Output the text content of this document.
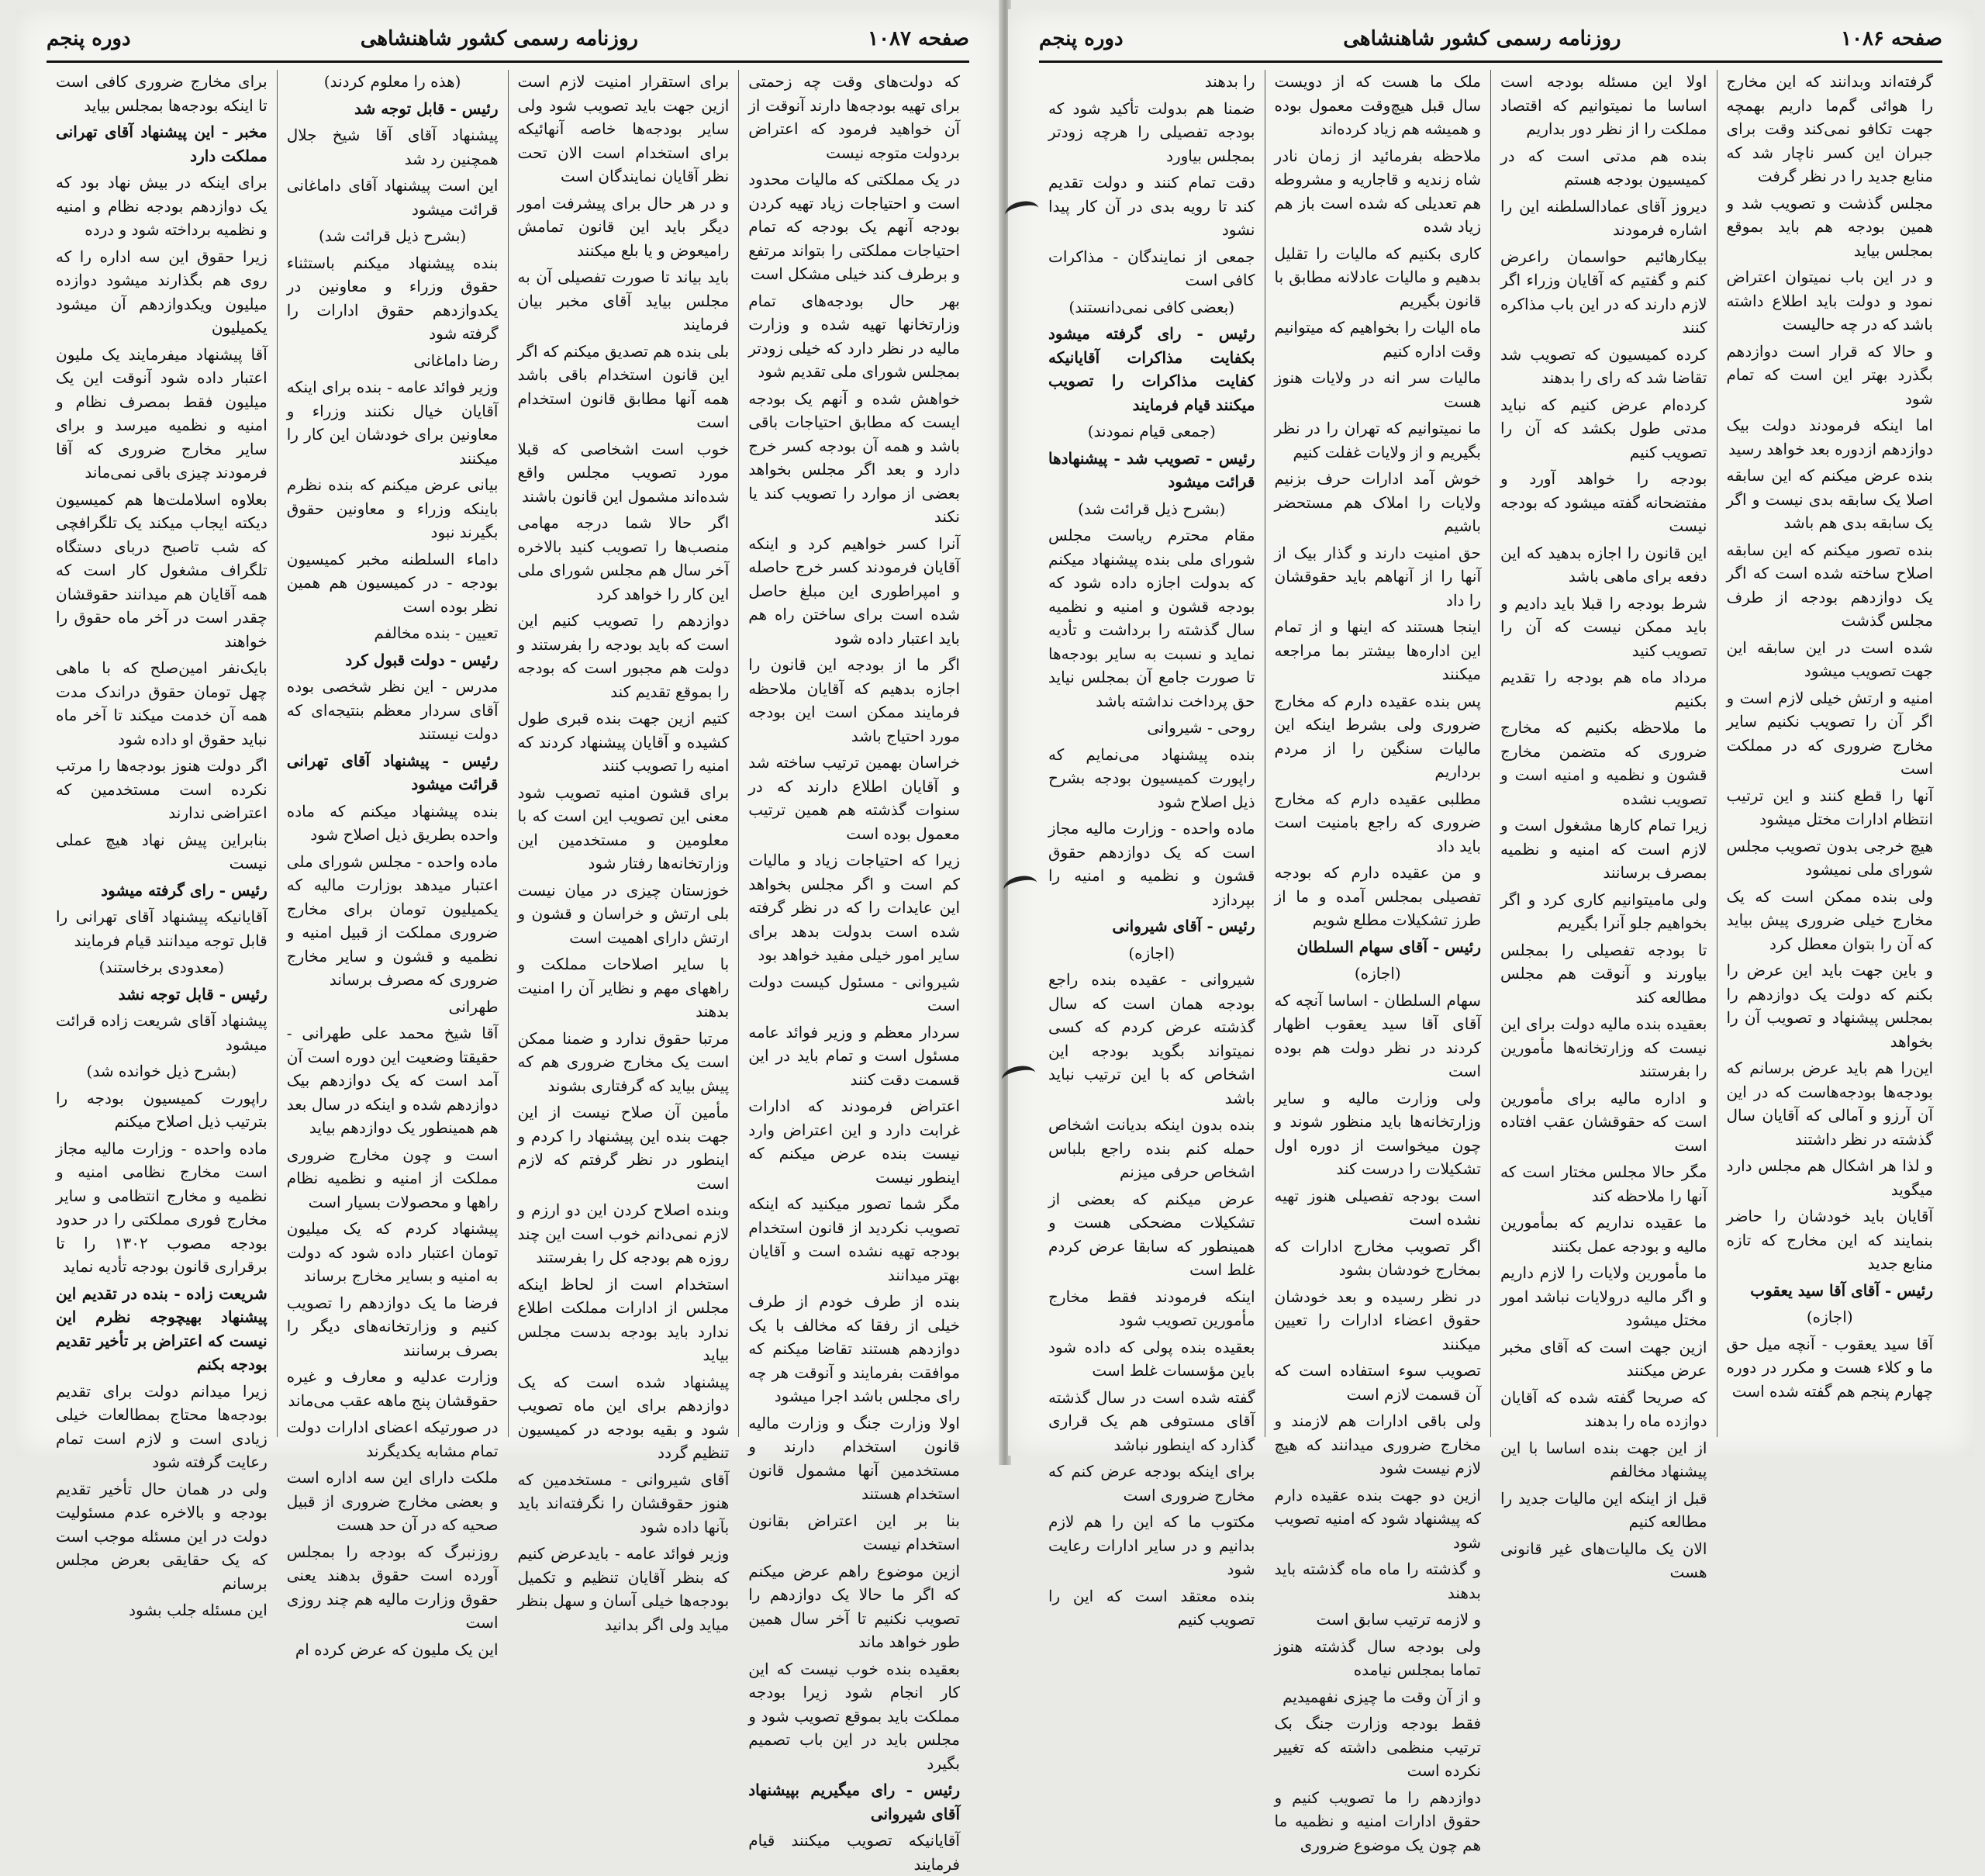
صفحه ۱۰۸۷
روزنامه رسمی کشور شاهنشاهی
دوره پنجم

که دولت‌های وقت چه زحمتی برای تهیه بودجه‌ها دارند آنوقت از آن خواهید فرمود که اعتراض بردولت متوجه نیست

در یک مملکتی که مالیات محدود است و احتیاجات زیاد تهیه کردن بودجه آنهم یک بودجه که تمام احتیاجات مملکتی را بتواند مرتفع و برطرف کند خیلی مشکل است

بهر حال بودجه‌های تمام وزارتخانها تهیه شده و وزارت مالیه در نظر دارد که خیلی زودتر بمجلس شورای ملی تقدیم شود

خواهش شده و آنهم یک بودجه ایست که مطابق احتیاجات باقی باشد و همه آن بودجه کسر خرج دارد و بعد اگر مجلس بخواهد بعضی از موارد را تصویب کند یا نکند

آنرا کسر خواهیم کرد و اینکه آقایان فرمودند کسر خرج حاصله و امپراطوری این مبلغ حاصل شده است برای ساختن راه هم باید اعتبار داده شود

اگر ما از بودجه این قانون را اجازه بدهیم که آقایان ملاحظه فرمایند ممکن است این بودجه مورد احتیاج باشد

خراسان بهمین ترتیب ساخته شد و آقایان اطلاع دارند که در سنوات گذشته هم همین ترتیب معمول بوده است

زیرا که احتیاجات زیاد و مالیات کم است و اگر مجلس بخواهد این عایدات را که در نظر گرفته شده است بدولت بدهد برای سایر امور خیلی مفید خواهد بود

شیروانی - مسئول کیست دولت است

سردار معظم و وزیر فوائد عامه مسئول است و تمام باید در این قسمت دقت کنند

اعتراض فرمودند که ادارات غرابت دارد و این اعتراض وارد نیست بنده عرض میکنم که اینطور نیست

مگر شما تصور میکنید که اینکه تصویب نکردید از قانون استخدام بودجه تهیه نشده است و آقایان بهتر میدانند

بنده از طرف خودم از طرف خیلی از رفقا که مخالف با یک دوازدهم هستند تقاضا میکنم که موافقت بفرمایند و آنوقت هر چه رای مجلس باشد اجرا میشود

اولا وزارت جنگ و وزارت مالیه قانون استخدام دارند و مستخدمین آنها مشمول قانون استخدام هستند

بنا بر این اعتراض بقانون استخدام نیست

ازین موضوع راهم عرض میکنم که اگر ما حالا یک دوازدهم را تصویب نکنیم تا آخر سال همین طور خواهد ماند

بعقیده بنده خوب نیست که این کار انجام شود زیرا بودجه مملکت باید بموقع تصویب شود و مجلس باید در این باب تصمیم بگیرد

رئیس - رای میگیریم بپیشنهاد آقای شیروانی

آقایانیکه تصویب میکنند قیام فرمایند

برای استقرار امنیت لازم است ازین جهت باید تصویب شود ولی سایر بودجه‌ها خاصه آنهائیکه برای استخدام است الان تحت نظر آقایان نمایندگان است

و در هر حال برای پیشرفت امور دیگر باید این قانون تمامش رامیعوض و یا بلع میکنند

باید بیاند تا صورت تفصیلی آن به مجلس بیاید آقای مخبر بیان فرمایند

بلی بنده هم تصدیق میکنم که اگر این قانون استخدام باقی باشد همه آنها مطابق قانون استخدام است

خوب است اشخاصی که قبلا مورد تصویب مجلس واقع شده‌اند مشمول این قانون باشند

اگر حالا شما درجه مهامی منصب‌ها را تصویب کنید بالاخره آخر سال هم مجلس شورای ملی این کار را خواهد کرد

دوازدهم را تصویب کنیم این است که باید بودجه را بفرستند و دولت هم مجبور است که بودجه را بموقع تقدیم کند

کتیم ازین جهت بنده قبری طول کشیده و آقایان پیشنهاد کردند که امنیه را تصویب کنند

برای قشون امنیه تصویب شود معنی این تصویب این است که با معلومین و مستخدمین این وزارتخانه‌ها رفتار شود

خوزستان چیزی در میان نیست بلی ارتش و خراسان و قشون و ارتش دارای اهمیت است

با سایر اصلاحات مملکت و راههای مهم و نظایر آن را امنیت بدهند

مرتبا حقوق ندارد و ضمنا ممکن است یک مخارج ضروری هم که پیش بیاید که گرفتاری بشوند

مأمین آن صلاح نیست از این جهت بنده این پیشنهاد را کردم و اینطور در نظر گرفتم که لازم است

وبنده اصلاح کردن این دو ارزم و لازم نمی‌دانم خوب است این چند روزه هم بودجه کل را بفرستند

استخدام است از لحاظ اینکه مجلس از ادارات مملکت اطلاع ندارد باید بودجه بدست مجلس بیاید

پیشنهاد شده است که یک دوازدهم برای این ماه تصویب شود و بقیه بودجه در کمیسیون تنظیم گردد

آقای شیروانی - مستخدمین که هنوز حقوقشان را نگرفته‌اند باید بآنها داده شود

وزیر فوائد عامه - بایدعرض کنیم که بنظر آقایان تنظیم و تکمیل بودجه‌ها خیلی آسان و سهل بنظر میاید ولی اگر بدانید

(هذه را معلوم کردند)

رئیس - قابل توجه شد

پیشنهاد آقای آقا شیخ جلال همچنین رد شد

این است پیشنهاد آقای داماغانی قرائت میشود

(بشرح ذیل قرائت شد)

بنده پیشنهاد میکنم باستثناء حقوق وزراء و معاونین در یکدوازدهم حقوق ادارات را گرفته شود

رضا داماغانی

وزیر فوائد عامه - بنده برای اینکه آقایان خیال نکنند وزراء و معاونین برای خودشان این کار را میکنند

بیانی عرض میکنم که بنده نظرم باینکه وزراء و معاونین حقوق بگیرند نبود

داماء السلطنه مخبر کمیسیون بودجه - در کمیسیون هم همین نظر بوده است

تعیین - بنده مخالفم

رئیس - دولت قبول کرد

مدرس - این نظر شخصی بوده آقای سردار معظم بنتیجه‌ای که دولت نیستند

رئیس - پیشنهاد آقای تهرانی قرائت میشود

بنده پیشنهاد میکنم که ماده واحده بطریق ذیل اصلاح شود

ماده واحده - مجلس شورای ملی اعتبار میدهد بوزارت مالیه که یکمیلیون تومان برای مخارج ضروری مملکت از قبیل امنیه و نظمیه و قشون و سایر مخارج ضروری که مصرف برساند

طهرانی

آقا شیخ محمد علی طهرانی - حقیقتا وضعیت این دوره است آن آمد است که یک دوازدهم بیک دوازدهم شده و اینکه در سال بعد هم همینطور یک دوازدهم بیاید

است و چون مخارج ضروری مملکت از امنیه و نظمیه نظام راهها و محصولات بسیار است

پیشنهاد کردم که یک میلیون تومان اعتبار داده شود که دولت به امنیه و بسایر مخارج برساند

فرضا ما یک دوازدهم را تصویب کنیم و وزارتخانه‌های دیگر را بصرف برسانند

وزارت عدلیه و معارف و غیره حقوقشان پنج ماهه عقب می‌ماند

در صورتیکه اعضای ادارات دولت تمام مشابه یکدیگرند

ملکت دارای این سه اداره است و بعضی مخارج ضروری از قبیل صحیه که در آن حد هست

روزنبرگ که بودجه را بمجلس آورده است حقوق بدهند یعنی حقوق وزارت مالیه هم چند روزی است

این یک ملیون که عرض کرده ام

برای مخارج ضروری کافی است تا اینکه بودجه‌ها بمجلس بیاید

مخبر - این پیشنهاد آقای تهرانی مملکت دارد

برای اینکه در بیش نهاد بود که یک دوازدهم بودجه نظام و امنیه و نظمیه برداخته شود و درده

زیرا حقوق این سه اداره را که روی هم بگذارند میشود دوازده میلیون ویکدوازدهم آن میشود یکمیلیون

آقا پیشنهاد میفرمایند یک ملیون اعتبار داده شود آنوقت این یک میلیون فقط بمصرف نظام و امنیه و نظمیه میرسد و برای سایر مخارج ضروری که آقا فرمودند چیزی باقی نمی‌ماند

بعلاوه اسلاملت‌ها هم کمیسیون دیکته ایجاب میکند یک تلگرافچی که شب تاصبح دربای دستگاه تلگراف مشغول کار است که همه آقایان هم میدانند حقوقشان چقدر است در آخر ماه حقوق را خواهند

بایک‌نفر امین‌صلح که با ماهی چهل تومان حقوق دراندک مدت همه آن خدمت میکند تا آخر ماه نباید حقوق او داده شود

اگر دولت هنوز بودجه‌ها را مرتب نکرده است مستخدمین که اعتراضی ندارند

بنابراین پیش نهاد هیچ عملی نیست

رئیس - رای گرفته میشود

آقایانیکه پیشنهاد آقای تهرانی را قابل توجه میدانند قیام فرمایند

(معدودی برخاستند)

رئیس - قابل توجه نشد

پیشنهاد آقای شریعت زاده قرائت میشود

(بشرح ذیل خوانده شد)

راپورت کمیسیون بودجه را بترتیب ذیل اصلاح میکنم

ماده واحده - وزارت مالیه مجاز است مخارج نظامی امنیه و نظمیه و مخارج انتظامی و سایر مخارج فوری مملکتی را در حدود بودجه مصوب ۱۳۰۲ را تا برقراری قانون بودجه تأدیه نماید

شریعت زاده - بنده در تقدیم این پیشنهاد بهیچوجه نظرم این نیست که اعتراض بر تأخیر تقدیم بودجه بکنم

زیرا میدانم دولت برای تقدیم بودجه‌ها محتاج بمطالعات خیلی زیادی است و لازم است تمام رعایت گرفته شود

ولی در همان حال تأخیر تقدیم بودجه و بالاخره عدم مسئولیت دولت در این مسئله موجب است که یک حقایقی بعرض مجلس برسانم

این مسئله جلب بشود

صفحه ۱۰۸۶
روزنامه رسمی کشور شاهنشاهی
دوره پنجم

گرفته‌اند وبدانند که این مخارج را هوائی گم‌ما داریم بهمچه جهت تکافو نمی‌کند وقت برای جبران این کسر ناچار شد که منابع جدید را در نظر گرفت

مجلس گذشت و تصویب شد و همین بودجه هم باید بموقع بمجلس بیاید

و در این باب نمیتوان اعتراض نمود و دولت باید اطلاع داشته باشد که در چه حالیست

و حالا که قرار است دوازدهم بگذرد بهتر این است که تمام شود

اما اینکه فرمودند دولت بیک دوازدهم ازدوره بعد خواهد رسید

بنده عرض میکنم که این سابقه اصلا یک سابقه بدی نیست و اگر یک سابقه بدی هم باشد

بنده تصور میکنم که این سابقه اصلاح ساخته شده است که اگر یک دوازدهم بودجه از طرف مجلس گذشت

شده است در این سابقه این جهت تصویب میشود

امنیه و ارتش خیلی لازم است و اگر آن را تصویب نکنیم سایر مخارج ضروری که در مملکت است

آنها را قطع کنند و این ترتیب انتظام ادارات مختل میشود

هیچ خرجی بدون تصویب مجلس شورای ملی نمیشود

ولی بنده ممکن است که یک مخارج خیلی ضروری پیش بیاید که آن را بتوان معطل کرد

و باین جهت باید این عرض را بکنم که دولت یک دوازدهم را بمجلس پیشنهاد و تصویب آن را بخواهد

این‌را هم باید عرض برسانم که بودجه‌ها بودجه‌هاست که در این آن آرزو و آمالی که آقایان سال گذشته در نظر داشتند

و لذا هر اشکال هم مجلس دارد میگوید

آقایان باید خودشان را حاضر بنمایند که این مخارج که تازه منابع جدید

رئیس - آقای آقا سید یعقوب

(اجازه)

آقا سید یعقوب - آنچه میل حق ما و کلاء هست و مکرر در دوره چهارم پنجم هم گفته شده است

اولا این مسئله بودجه است اساسا ما نمیتوانیم که اقتصاد مملکت را از نظر دور بداریم

بنده هم مدتی است که در کمیسیون بودجه هستم

دیروز آقای عمادالسلطنه این را اشاره فرمودند

بیکارهائیم حواسمان راعرض کنم و گفتیم که آقایان وزراء اگر لازم دارند که در این باب مذاکره کنند

کرده کمیسیون که تصویب شد تقاضا شد که رای را بدهند

کرده‌ام عرض کنیم که نباید مدتی طول بکشد که آن را تصویب کنیم

بودجه را خواهد آورد و مفتضحانه گفته میشود که بودجه نیست

این قانون را اجازه بدهید که این دفعه برای ماهی باشد

شرط بودجه را قبلا باید دادیم و باید ممکن نیست که آن را تصویب کنید

مرداد ماه هم بودجه را تقدیم بکنیم

ما ملاحظه بکنیم که مخارج ضروری که متضمن مخارج قشون و نظمیه و امنیه است و تصویب نشده

زیرا تمام کارها مشغول است و لازم است که امنیه و نظمیه بمصرف برسانند

ولی مامیتوانیم کاری کرد و اگر بخواهیم جلو آنرا بگیریم

تا بودجه تفصیلی را بمجلس بیاورند و آنوقت هم مجلس مطالعه کند

بعقیده بنده مالیه دولت برای این نیست که وزارتخانه‌ها مأمورین را بفرستند

و اداره مالیه برای مأمورین است که حقوقشان عقب افتاده است

مگر حالا مجلس مختار است که آنها را ملاحظه کند

ما عقیده نداریم که بمأمورین مالیه و بودجه عمل بکنند

ما مأمورین ولایات را لازم داریم و اگر مالیه درولایات نباشد امور مختل میشود

ازین جهت است که آقای مخبر عرض میکنند

که صریحا گفته شده که آقایان دوازده ماه را بدهند

از این جهت بنده اساسا با این پیشنهاد مخالفم

قبل از اینکه این مالیات جدید را مطالعه کنیم

الان یک مالیات‌های غیر قانونی هست

ملک ما هست که از دویست سال قبل هیچ‌وقت معمول بوده و همیشه هم زیاد کرده‌اند

ملاحظه بفرمائید از زمان نادر شاه زندیه و قاجاریه و مشروطه هم تعدیلی که شده است باز هم زیاد شده

کاری بکنیم که مالیات را تقلیل بدهیم و مالیات عادلانه مطابق با قانون بگیریم

ماه الیات را بخواهیم که میتوانیم وقت اداره کنیم

مالیات سر انه در ولایات هنوز هست

ما نمیتوانیم که تهران را در نظر بگیریم و از ولایات غفلت کنیم

خوش آمد ادارات حرف بزنیم ولایات را املاک هم مستحضر باشیم

حق امنیت دارند و گذار بیک از آنها را از آنهاهم باید حقوقشان را داد

اینجا هستند که اینها و از تمام این اداره‌ها بیشتر بما مراجعه میکنند

پس بنده عقیده دارم که مخارج ضروری ولی بشرط اینکه این مالیات سنگین را از مردم برداریم

مطلبی عقیده دارم که مخارج ضروری که راجع بامنیت است باید داد

و من عقیده دارم که بودجه تفصیلی بمجلس آمده و ما از طرز تشکیلات مطلع شویم

رئیس - آقای سهام السلطان

(اجازه)

سهام السلطان - اساسا آنچه که آقای آقا سید یعقوب اظهار کردند در نظر دولت هم بوده است

ولی وزارت مالیه و سایر وزارتخانه‌ها باید منظور شوند و چون میخواست از دوره اول تشکیلات را درست کند

است بودجه تفصیلی هنوز تهیه نشده است

اگر تصویب مخارج ادارات که بمخارج خودشان بشود

در نظر رسیده و بعد خودشان حقوق اعضاء ادارات را تعیین میکنند

تصویب سوء استفاده است که آن قسمت لازم است

ولی باقی ادارات هم لازمند و مخارج ضروری میدانند که هیچ لازم نیست شود

ازین دو جهت بنده عقیده دارم که پیشنهاد شود که امنیه تصویب شود

و گذشته را ماه ماه گذشته باید بدهند

و لازمه ترتیب سابق است

ولی بودجه سال گذشته هنوز تماما بمجلس نیامده

و از آن وقت ما چیزی نفهمیدیم

فقط بودجه وزارت جنگ بک ترتیب منظمی داشته که تغییر نکرده است

دوازدهم را ما تصویب کنیم و حقوق ادارات امنیه و نظمیه ما هم چون یک موضوع ضروری

را بدهند

ضمنا هم بدولت تأکید شود که بودجه تفصیلی را هرچه زودتر بمجلس بیاورد

دقت تمام کنند و دولت تقدیم کند تا رویه بدی در آن کار پیدا نشود

جمعی از نمایندگان - مذاکرات کافی است

(بعضی کافی نمی‌دانستند)

رئیس - رای گرفته میشود بکفایت مذاکرات آقایانیکه کفایت مذاکرات را تصویب میکنند قیام فرمایند

(جمعی قیام نمودند)

رئیس - تصویب شد - پیشنهادها قرائت میشود

(بشرح ذیل قرائت شد)

مقام محترم ریاست مجلس شورای ملی بنده پیشنهاد میکنم که بدولت اجازه داده شود که بودجه قشون و امنیه و نظمیه سال گذشته را برداشت و تأدیه نماید و نسبت به سایر بودجه‌ها تا صورت جامع آن بمجلس نیاید حق پرداخت نداشته باشد

روحی - شیروانی

بنده پیشنهاد می‌نمایم که راپورت کمیسیون بودجه بشرح ذیل اصلاح شود

ماده واحده - وزارت مالیه مجاز است که یک دوازدهم حقوق قشون و نظمیه و امنیه را بپردازد

رئیس - آقای شیروانی

(اجازه)

شیروانی - عقیده بنده راجع بودجه همان است که سال گذشته عرض کردم که کسی نمیتواند بگوید بودجه این اشخاص که با این ترتیب نباید باشد

بنده بدون اینکه بدیانت اشخاص حمله کنم بنده راجع بلباس اشخاص حرفی میزنم

عرض میکنم که بعضی از تشکیلات مضحکی هست و همینطور که سابقا عرض کردم غلط است

اینکه فرمودند فقط مخارج مأمورین تصویب شود

بعقیده بنده پولی که داده شود باین مؤسسات غلط است

گفته شده است در سال گذشته آقای مستوفی هم یک قراری گذارد که اینطور نباشد

برای اینکه بودجه عرض کنم که مخارج ضروری است

مکتوب ما که این را هم لازم بدانیم و در سایر ادارات رعایت شود

بنده معتقد است که این را تصویب کنیم
